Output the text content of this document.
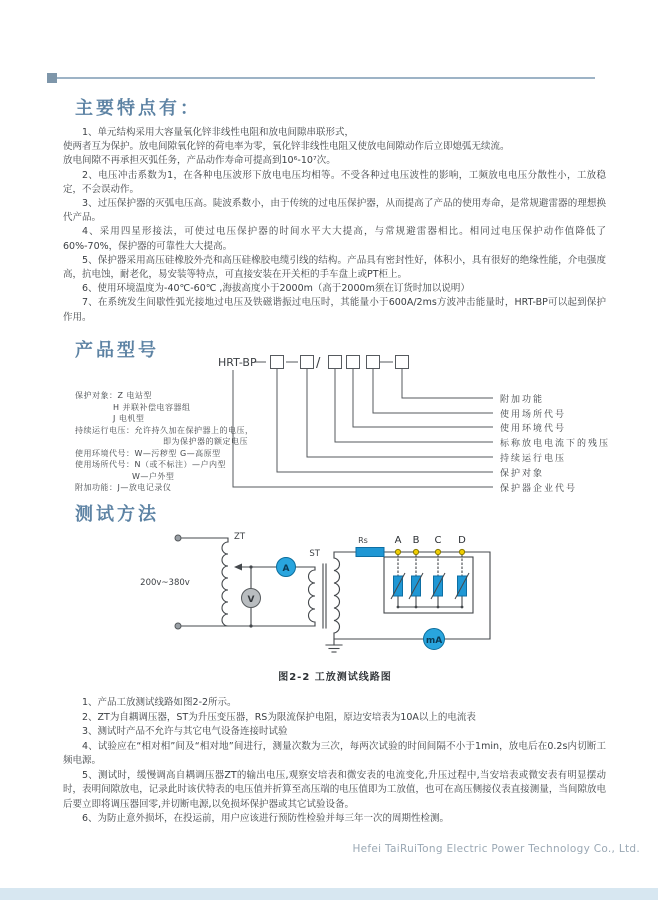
主要特点有：

1、单元结构采用大容量氧化锌非线性电阻和放电间隙串联形式，

使两者互为保护。放电间隙氧化锌的荷电率为零，氧化锌非线性电阻又使放电间隙动作后立即熄弧无续流。

放电间隙不再承担灭弧任务，产品动作寿命可提高到10⁶-10⁷次。

2、电压冲击系数为1，在各种电压波形下放电电压均相等。不受各种过电压波性的影响，工频放电电压分散性小，工放稳定，不会误动作。

3、过压保护器的灭弧电压高。陡波系数小，由于传统的过电压保护器，从而提高了产品的使用寿命，是常规避雷器的理想换代产品。

4、采用四星形接法，可使过电压保护器的时间水平大大提高，与常规避雷器相比。相同过电压保护动作值降低了60%-70%，保护器的可靠性大大提高。

5、保护器采用高压硅橡胶外壳和高压硅橡胶电缆引线的结构。产品具有密封性好，体积小，具有很好的绝缘性能，介电强度高，抗电蚀，耐老化，易安装等特点，可直接安装在开关柜的手车盘上或PT柜上。

6、使用环境温度为-40℃-60℃ ,海拔高度小于2000m（高于2000m须在订货时加以说明）

7、在系统发生间歇性弧光接地过电压及铁磁谐振过电压时，其能量小于600A/2ms方波冲击能量时，HRT-BP可以起到保护作用。

产品型号
HRT-BP	/
保护对象：Z 电站型
H 并联补偿电容器组
J 电机型
持续运行电压：允许持久加在保护器上的电压，
即为保护器的额定电压
使用环境代号：W—污秽型 G—高原型
使用场所代号：N（或不标注）—户内型
W—户外型
附加功能：J—放电记录仪
附加功能
使用场所代号
使用环境代号
标称放电电流下的残压
持续运行电压
保护对象
保护器企业代号
测试方法
200v~380v
ZT
ST
Rs	A B C D
A
V
mA
图2-2 工放测试线路图

1、产品工放测试线路如图2-2所示。

2、ZT为自耦调压器，ST为升压变压器，RS为限流保护电阻，原边安培表为10A以上的电流表

3、测试时产品不允许与其它电气设备连接时试验

4、试验应在“相对相”间及“相对地”间进行，测量次数为三次，每两次试验的时间间隔不小于1min，放电后在0.2s内切断工频电源。

5、测试时，缓慢调高自耦调压器ZT的输出电压,观察安培表和微安表的电流变化,升压过程中,当安培表或微安表有明显摆动时，表明间隙放电，记录此时该伏特表的电压值并折算至高压端的电压值即为工放值，也可在高压侧接仪表直接测量，当间隙放电后要立即将调压器回零,并切断电源,以免损坏保护器或其它试验设备。

6、为防止意外损坏，在投运前，用户应该进行预防性检验并每三年一次的周期性检测。

Hefei TaiRuiTong Electric Power Technology Co., Ltd.
